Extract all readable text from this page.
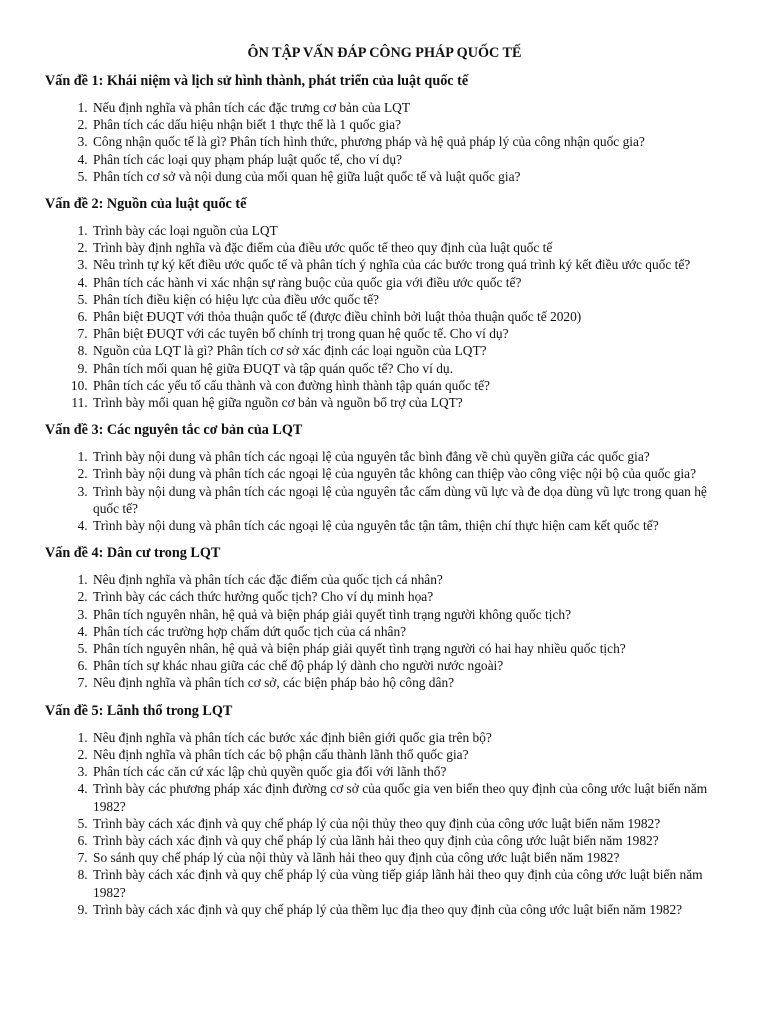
ÔN TẬP VẤN ĐÁP CÔNG PHÁP QUỐC TẾ
Vấn đề 1: Khái niệm và lịch sử hình thành, phát triển của luật quốc tế
1. Nếu định nghĩa và phân tích các đặc trưng cơ bản của LQT
2. Phân tích các dấu hiệu nhận biết 1 thực thể là 1 quốc gia?
3. Công nhận quốc tế là gì? Phân tích hình thức, phương pháp và hệ quả pháp lý của công nhận quốc gia?
4. Phân tích các loại quy phạm pháp luật quốc tế, cho ví dụ?
5. Phân tích cơ sở và nội dung của mối quan hệ giữa luật quốc tế và luật quốc gia?
Vấn đề 2: Nguồn của luật quốc tế
1. Trình bày các loại nguồn của LQT
2. Trình bày định nghĩa và đặc điểm của điều ước quốc tế theo quy định của luật quốc tế
3. Nêu trình tự ký kết điều ước quốc tế và phân tích ý nghĩa của các bước trong quá trình ký kết điều ước quốc tế?
4. Phân tích các hành vi xác nhận sự ràng buộc của quốc gia với điều ước quốc tế?
5. Phân tích điều kiện có hiệu lực của điều ước quốc tế?
6. Phân biệt ĐUQT với thỏa thuận quốc tế (được điều chỉnh bởi luật thỏa thuận quốc tế 2020)
7. Phân biệt ĐUQT với các tuyên bố chính trị trong quan hệ quốc tế. Cho ví dụ?
8. Nguồn của LQT là gì? Phân tích cơ sở xác định các loại nguồn của LQT?
9. Phân tích mối quan hệ giữa ĐUQT và tập quán quốc tế? Cho ví dụ.
10. Phân tích các yếu tố cấu thành và con đường hình thành tập quán quốc tế?
11. Trình bày mối quan hệ giữa nguồn cơ bản và nguồn bổ trợ của LQT?
Vấn đề 3: Các nguyên tắc cơ bản của LQT
1. Trình bày nội dung và phân tích các ngoại lệ của nguyên tắc bình đẳng về chủ quyền giữa các quốc gia?
2. Trình bày nội dung và phân tích các ngoại lệ của nguyên tắc không can thiệp vào công việc nội bộ của quốc gia?
3. Trình bày nội dung và phân tích các ngoại lệ của nguyên tắc cấm dùng vũ lực và đe dọa dùng vũ lực trong quan hệ quốc tế?
4. Trình bày nội dung và phân tích các ngoại lệ của nguyên tắc tận tâm, thiện chí thực hiện cam kết quốc tế?
Vấn đề 4: Dân cư trong LQT
1. Nêu định nghĩa và phân tích các đặc điểm của quốc tịch cá nhân?
2. Trình bày các cách thức hưởng quốc tịch? Cho ví dụ minh họa?
3. Phân tích nguyên nhân, hệ quả và biện pháp giải quyết tình trạng người không quốc tịch?
4. Phân tích các trường hợp chấm dứt quốc tịch của cá nhân?
5. Phân tích nguyên nhân, hệ quả và biện pháp giải quyết tình trạng người có hai hay nhiều quốc tịch?
6. Phân tích sự khác nhau giữa các chế độ pháp lý dành cho người nước ngoài?
7. Nêu định nghĩa và phân tích cơ sở, các biện pháp bảo hộ công dân?
Vấn đề 5: Lãnh thổ trong LQT
1. Nêu định nghĩa và phân tích các bước xác định biên giới quốc gia trên bộ?
2. Nêu định nghĩa và phân tích các bộ phận cấu thành lãnh thổ quốc gia?
3. Phân tích các căn cứ xác lập chủ quyền quốc gia đối với lãnh thổ?
4. Trình bày các phương pháp xác định đường cơ sở của quốc gia ven biển theo quy định của công ước luật biển năm 1982?
5. Trình bày cách xác định và quy chế pháp lý của nội thủy theo quy định của công ước luật biển năm 1982?
6. Trình bày cách xác định và quy chế pháp lý của lãnh hải theo quy định của công ước luật biển năm 1982?
7. So sánh quy chế pháp lý của nội thủy và lãnh hải theo quy định của công ước luật biển năm 1982?
8. Trình bày cách xác định và quy chế pháp lý của vùng tiếp giáp lãnh hải theo quy định của công ước luật biển năm 1982?
9. Trình bày cách xác định và quy chế pháp lý của thềm lục địa theo quy định của công ước luật biển năm 1982?
